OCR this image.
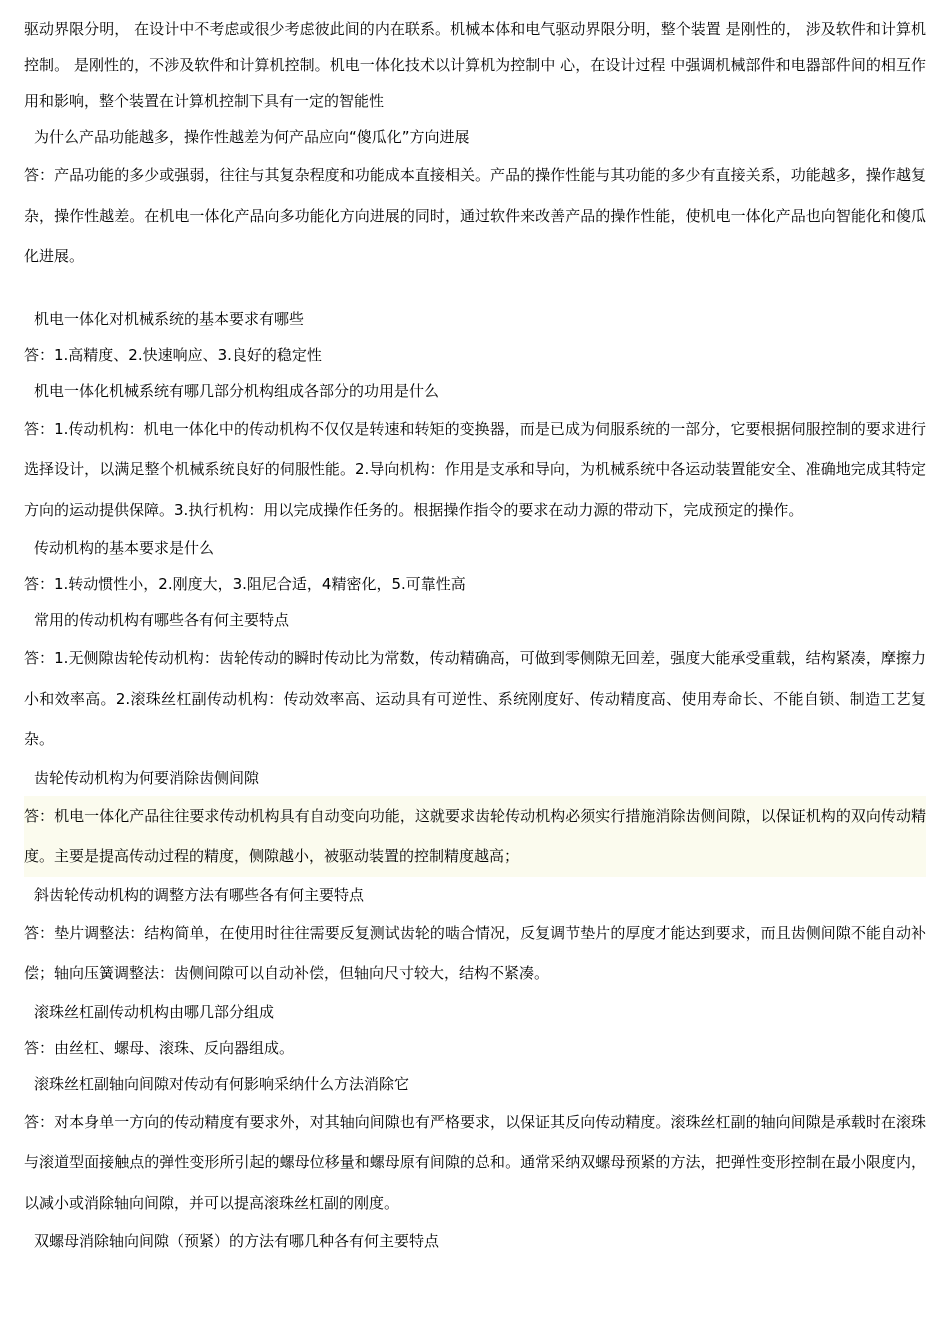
驱动界限分明， 在设计中不考虑或很少考虑彼此间的内在联系。机械本体和电气驱动界限分明，整个装置 是刚性的， 涉及软件和计算机控制。 是刚性的，不涉及软件和计算机控制。机电一体化技术以计算机为控制中 心，在设计过程 中强调机械部件和电器部件间的相互作用和影响，整个装置在计算机控制下具有一定的智能性

为什么产品功能越多，操作性越差为何产品应向“傻瓜化”方向进展

答：产品功能的多少或强弱，往往与其复杂程度和功能成本直接相关。产品的操作性能与其功能的多少有直接关系，功能越多，操作越复杂，操作性越差。在机电一体化产品向多功能化方向进展的同时，通过软件来改善产品的操作性能，使机电一体化产品也向智能化和傻瓜化进展。

机电一体化对机械系统的基本要求有哪些

答：1.高精度、2.快速响应、3.良好的稳定性

机电一体化机械系统有哪几部分机构组成各部分的功用是什么

答：1.传动机构：机电一体化中的传动机构不仅仅是转速和转矩的变换器，而是已成为伺服系统的一部分，它要根据伺服控制的要求进行选择设计，以满足整个机械系统良好的伺服性能。2.导向机构：作用是支承和导向，为机械系统中各运动装置能安全、准确地完成其特定方向的运动提供保障。3.执行机构：用以完成操作任务的。根据操作指令的要求在动力源的带动下，完成预定的操作。

传动机构的基本要求是什么

答：1.转动惯性小，2.刚度大，3.阻尼合适，4精密化，5.可靠性高

常用的传动机构有哪些各有何主要特点

答：1.无侧隙齿轮传动机构：齿轮传动的瞬时传动比为常数，传动精确高，可做到零侧隙无回差，强度大能承受重载，结构紧凑，摩擦力小和效率高。2.滚珠丝杠副传动机构：传动效率高、运动具有可逆性、系统刚度好、传动精度高、使用寿命长、不能自锁、制造工艺复杂。

齿轮传动机构为何要消除齿侧间隙

答：机电一体化产品往往要求传动机构具有自动变向功能，这就要求齿轮传动机构必须实行措施消除齿侧间隙，以保证机构的双向传动精度。主要是提高传动过程的精度，侧隙越小，被驱动装置的控制精度越高；

斜齿轮传动机构的调整方法有哪些各有何主要特点

答：垫片调整法：结构简单，在使用时往往需要反复测试齿轮的啮合情况，反复调节垫片的厚度才能达到要求，而且齿侧间隙不能自动补偿；轴向压簧调整法：齿侧间隙可以自动补偿，但轴向尺寸较大，结构不紧凑。

滚珠丝杠副传动机构由哪几部分组成

答：由丝杠、螺母、滚珠、反向器组成。

滚珠丝杠副轴向间隙对传动有何影响采纳什么方法消除它

答：对本身单一方向的传动精度有要求外，对其轴向间隙也有严格要求，以保证其反向传动精度。滚珠丝杠副的轴向间隙是承载时在滚珠与滚道型面接触点的弹性变形所引起的螺母位移量和螺母原有间隙的总和。通常采纳双螺母预紧的方法，把弹性变形控制在最小限度内，以减小或消除轴向间隙，并可以提高滚珠丝杠副的刚度。

双螺母消除轴向间隙（预紧）的方法有哪几种各有何主要特点
